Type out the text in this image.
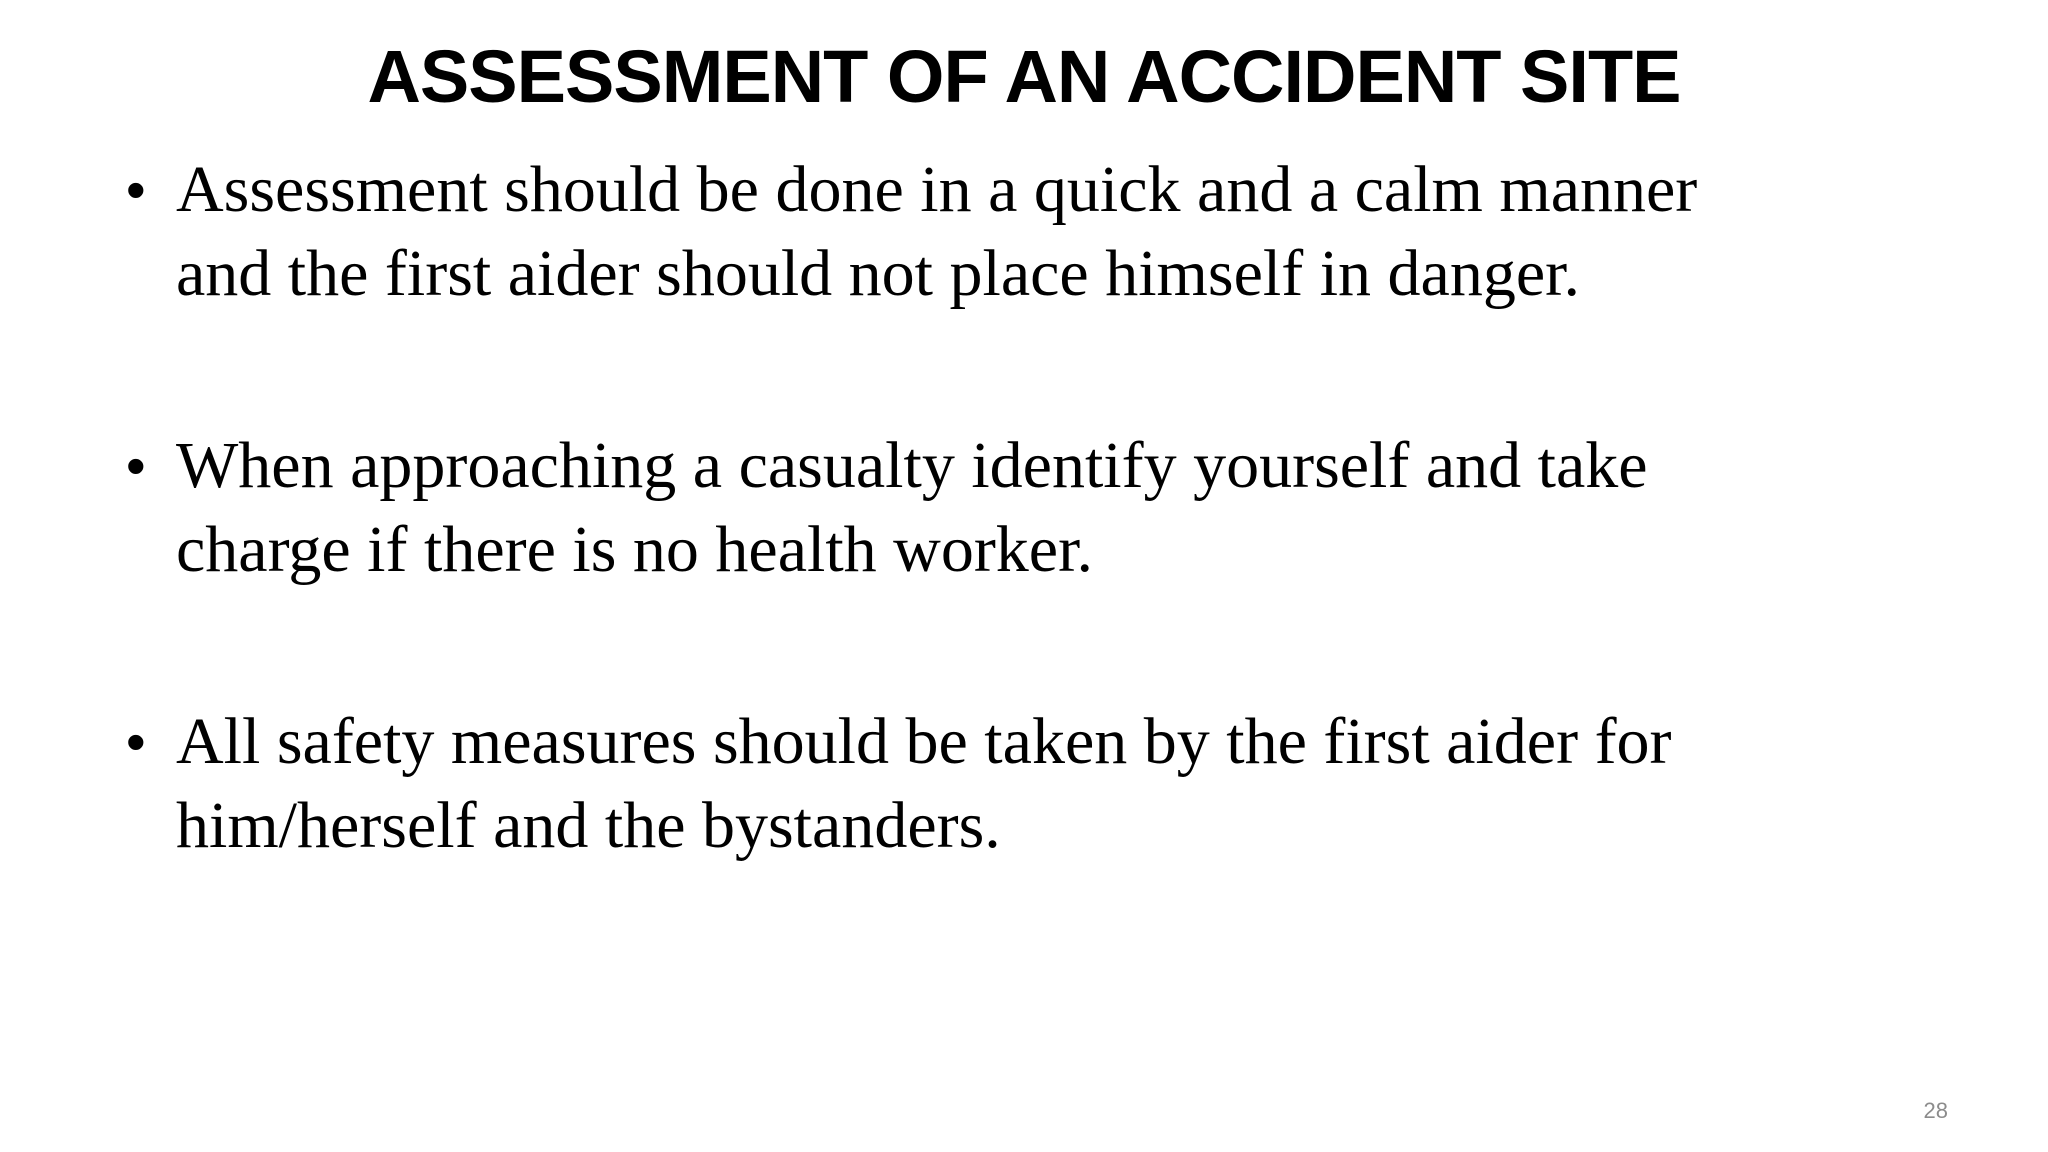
ASSESSMENT OF AN ACCIDENT SITE
• Assessment should be done in a quick and a calm manner
and the first aider should not place himself in danger.
• When approaching a casualty identify yourself and take
charge if there is no health worker.
• All safety measures should be taken by the first aider for
him/herself and the bystanders.
28
